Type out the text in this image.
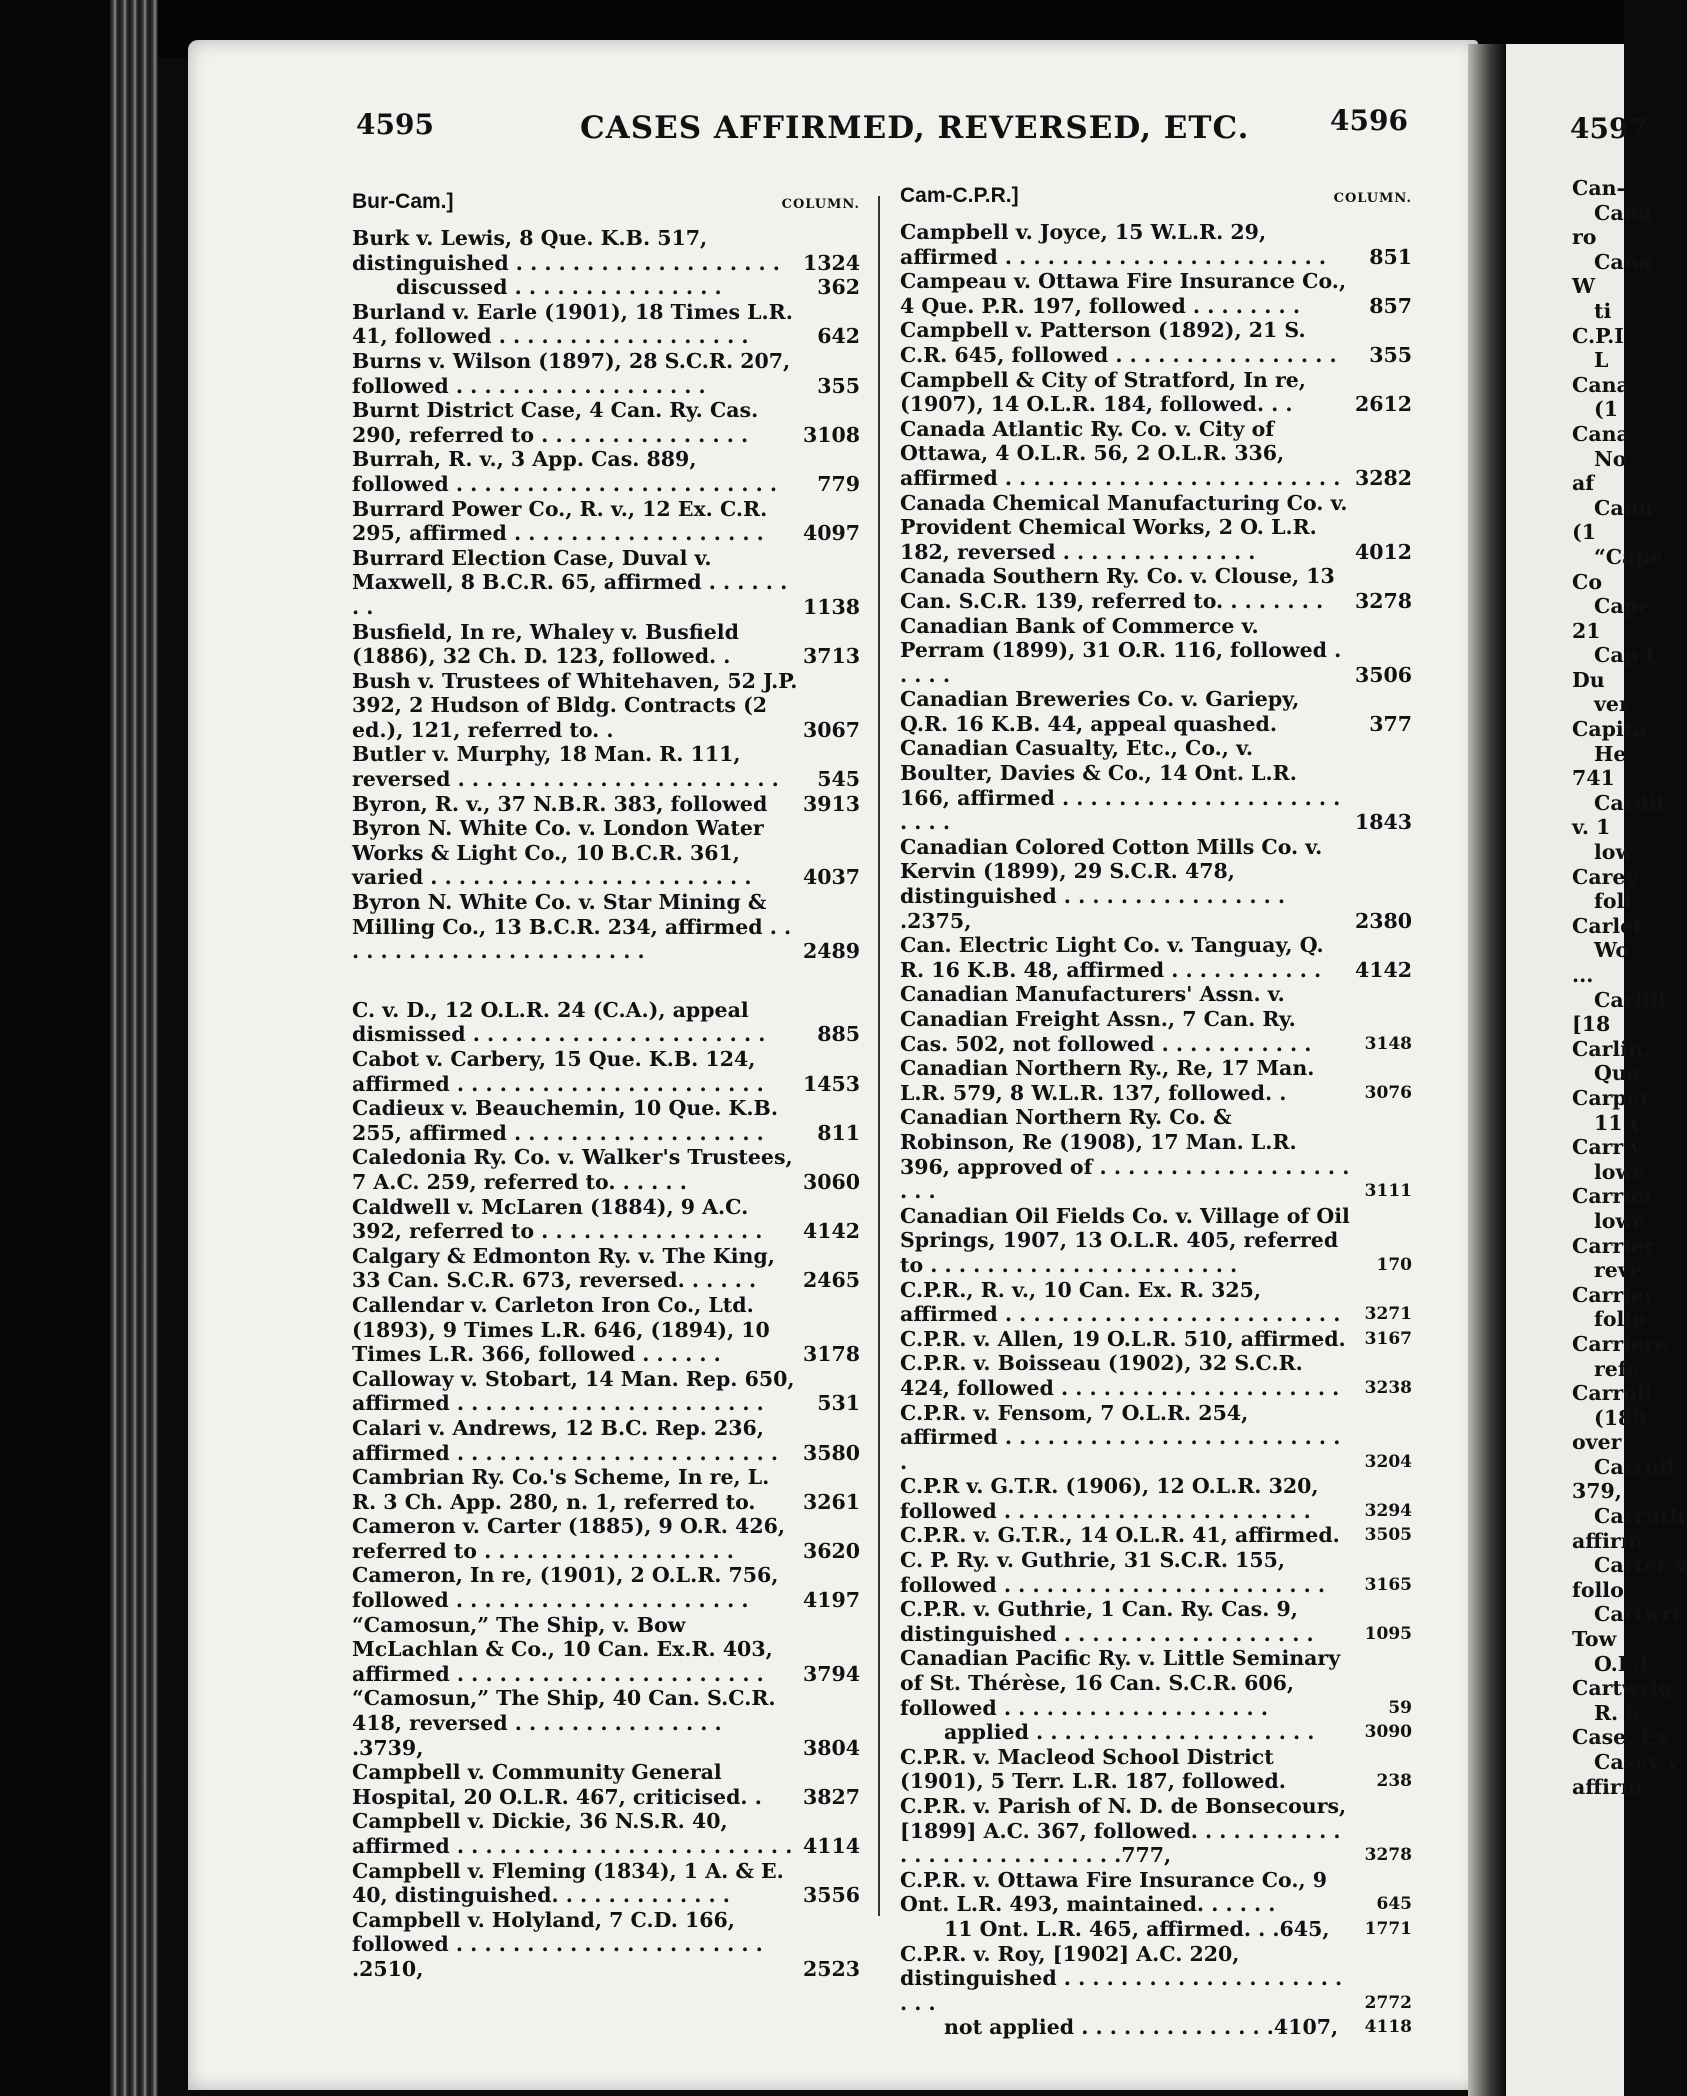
4597
Can-
Cana
ro
Cana
W
ti
C.P.I
L
Cana
(1
Cana
No
af
Cann
(1
“Cape
Co
Cape
21
Cap I
Du
ver
Capita
He
741
Cardif
v. 1
low
Carey
foll
Carlet
Wo
...
Carlill
[18
Carlin,
Que
Carper
11 (
Carr v.
lowe
Carrier
lowe
Carrier
reve
Carrier
follo
Carrière
refe
Carroll
(189
over
Carroll
379,
Carruth
affirm
Carter v
follo
Cartwri
Tow
O.L.I
Cartwrig
R. 6
Case, Ex
Casey v
affirm
4595	CASES AFFIRMED, REVERSED, ETC.	4596
Bur-Cam.]	COLUMN.
Burk v. Lewis, 8 Que. K.B. 517, distinguished . . . . . . . . . . . . . . . . . . .	1324
discussed . . . . . . . . . . . . . . .	362
Burland v. Earle (1901), 18 Times L.R. 41, followed . . . . . . . . . . . . . . . . . .	642
Burns v. Wilson (1897), 28 S.C.R. 207, followed . . . . . . . . . . . . . . . . . .	355
Burnt District Case, 4 Can. Ry. Cas. 290, referred to . . . . . . . . . . . . . . .	3108
Burrah, R. v., 3 App. Cas. 889, followed . . . . . . . . . . . . . . . . . . . . . . .	779
Burrard Power Co., R. v., 12 Ex. C.R. 295, affirmed . . . . . . . . . . . . . . . . . .	4097
Burrard Election Case, Duval v. Maxwell, 8 B.C.R. 65, affirmed . . . . . . . .	1138
Busfield, In re, Whaley v. Busfield (1886), 32 Ch. D. 123, followed. .	3713
Bush v. Trustees of Whitehaven, 52 J.P. 392, 2 Hudson of Bldg. Contracts (2 ed.), 121, referred to. .	3067
Butler v. Murphy, 18 Man. R. 111, reversed . . . . . . . . . . . . . . . . . . . . . . .	545
Byron, R. v., 37 N.B.R. 383, followed	3913
Byron N. White Co. v. London Water Works & Light Co., 10 B.C.R. 361, varied . . . . . . . . . . . . . . . . . . . . . . .	4037
Byron N. White Co. v. Star Mining & Milling Co., 13 B.C.R. 234, affirmed . . . . . . . . . . . . . . . . . . . . . . .	2489
C. v. D., 12 O.L.R. 24 (C.A.), appeal dismissed . . . . . . . . . . . . . . . . . . . . .	885
Cabot v. Carbery, 15 Que. K.B. 124, affirmed . . . . . . . . . . . . . . . . . . . . . .	1453
Cadieux v. Beauchemin, 10 Que. K.B. 255, affirmed . . . . . . . . . . . . . . . . . .	811
Caledonia Ry. Co. v. Walker's Trustees, 7 A.C. 259, referred to. . . . . .	3060
Caldwell v. McLaren (1884), 9 A.C. 392, referred to . . . . . . . . . . . . . . . .	4142
Calgary & Edmonton Ry. v. The King, 33 Can. S.C.R. 673, reversed. . . . . .	2465
Callendar v. Carleton Iron Co., Ltd. (1893), 9 Times L.R. 646, (1894), 10 Times L.R. 366, followed . . . . . .	3178
Calloway v. Stobart, 14 Man. Rep. 650, affirmed . . . . . . . . . . . . . . . . . . . . . .	531
Calari v. Andrews, 12 B.C. Rep. 236, affirmed . . . . . . . . . . . . . . . . . . . . . . .	3580
Cambrian Ry. Co.'s Scheme, In re, L. R. 3 Ch. App. 280, n. 1, referred to.	3261
Cameron v. Carter (1885), 9 O.R. 426, referred to . . . . . . . . . . . . . . . . . .	3620
Cameron, In re, (1901), 2 O.L.R. 756, followed . . . . . . . . . . . . . . . . . . . . .	4197
“Camosun,” The Ship, v. Bow McLachlan & Co., 10 Can. Ex.R. 403, affirmed . . . . . . . . . . . . . . . . . . . . . .	3794
“Camosun,” The Ship, 40 Can. S.C.R. 418, reversed . . . . . . . . . . . . . . . .3739,	3804
Campbell v. Community General Hospital, 20 O.L.R. 467, criticised. .	3827
Campbell v. Dickie, 36 N.S.R. 40, affirmed . . . . . . . . . . . . . . . . . . . . . . . . 4114
Campbell v. Fleming (1834), 1 A. & E. 40, distinguished. . . . . . . . . . . . .	3556
Campbell v. Holyland, 7 C.D. 166, followed . . . . . . . . . . . . . . . . . . . . . . .2510,	2523
Cam-C.P.R.]	COLUMN.
Campbell v. Joyce, 15 W.L.R. 29, affirmed . . . . . . . . . . . . . . . . . . . . . . .	851
Campeau v. Ottawa Fire Insurance Co., 4 Que. P.R. 197, followed . . . . . . . .	857
Campbell v. Patterson (1892), 21 S. C.R. 645, followed . . . . . . . . . . . . . . . .	355
Campbell & City of Stratford, In re, (1907), 14 O.L.R. 184, followed. . .	2612
Canada Atlantic Ry. Co. v. City of Ottawa, 4 O.L.R. 56, 2 O.L.R. 336, affirmed . . . . . . . . . . . . . . . . . . . . . . . . 3282
Canada Chemical Manufacturing Co. v. Provident Chemical Works, 2 O. L.R. 182, reversed . . . . . . . . . . . . . .	4012
Canada Southern Ry. Co. v. Clouse, 13 Can. S.C.R. 139, referred to. . . . . . . .	3278
Canadian Bank of Commerce v. Perram (1899), 31 O.R. 116, followed . . . . .	3506
Canadian Breweries Co. v. Gariepy, Q.R. 16 K.B. 44, appeal quashed.	377
Canadian Casualty, Etc., Co., v. Boulter, Davies & Co., 14 Ont. L.R. 166, affirmed . . . . . . . . . . . . . . . . . . . . . . . .	1843
Canadian Colored Cotton Mills Co. v. Kervin (1899), 29 S.C.R. 478, distinguished . . . . . . . . . . . . . . . . .2375,	2380
Can. Electric Light Co. v. Tanguay, Q. R. 16 K.B. 48, affirmed . . . . . . . . . . .	4142
Canadian Manufacturers' Assn. v. Canadian Freight Assn., 7 Can. Ry. Cas. 502, not followed . . . . . . . . . . .	3148
Canadian Northern Ry., Re, 17 Man. L.R. 579, 8 W.L.R. 137, followed. .	3076
Canadian Northern Ry. Co. & Robinson, Re (1908), 17 Man. L.R. 396, approved of . . . . . . . . . . . . . . . . . . . . .	3111
Canadian Oil Fields Co. v. Village of Oil Springs, 1907, 13 O.L.R. 405, referred to . . . . . . . . . . . . . . . . . . . . . .	170
C.P.R., R. v., 10 Can. Ex. R. 325, affirmed . . . . . . . . . . . . . . . . . . . . . . . .	3271
C.P.R. v. Allen, 19 O.L.R. 510, affirmed.	3167
C.P.R. v. Boisseau (1902), 32 S.C.R. 424, followed . . . . . . . . . . . . . . . . . . . .	3238
C.P.R. v. Fensom, 7 O.L.R. 254, affirmed . . . . . . . . . . . . . . . . . . . . . . . . .	3204
C.P.R v. G.T.R. (1906), 12 O.L.R. 320, followed . . . . . . . . . . . . . . . . . . . . . .	3294
C.P.R. v. G.T.R., 14 O.L.R. 41, affirmed.	3505
C. P. Ry. v. Guthrie, 31 S.C.R. 155, followed . . . . . . . . . . . . . . . . . . . . . . .	3165
C.P.R. v. Guthrie, 1 Can. Ry. Cas. 9, distinguished . . . . . . . . . . . . . . . . . .	1095
Canadian Pacific Ry. v. Little Seminary of St. Thérèse, 16 Can. S.C.R. 606, followed . . . . . . . . . . . . . . . . . . .	59
applied . . . . . . . . . . . . . . . . . . . .	3090
C.P.R. v. Macleod School District (1901), 5 Terr. L.R. 187, followed.	238
C.P.R. v. Parish of N. D. de Bonsecours, [1899] A.C. 367, followed. . . . . . . . . . . . . . . . . . . . . . . . . . .777,	3278
C.P.R. v. Ottawa Fire Insurance Co., 9 Ont. L.R. 493, maintained. . . . . .	645
11 Ont. L.R. 465, affirmed. . .645,	1771
C.P.R. v. Roy, [1902] A.C. 220, distinguished . . . . . . . . . . . . . . . . . . . . . . .	2772
not applied . . . . . . . . . . . . . .4107,	4118
